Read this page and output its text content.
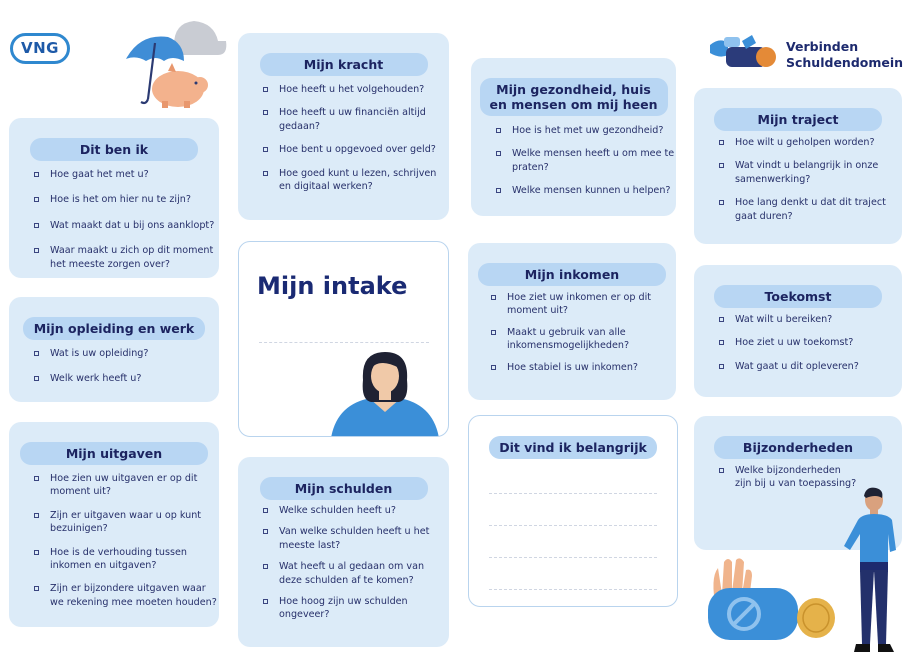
VNG	Verbinden
Schuldendomein
Dit ben ik
Hoe gaat het met u?
Hoe is het om hier nu te zijn?
Wat maakt dat u bij ons aanklopt?
Waar maakt u zich op dit moment het meeste zorgen over?
Mijn opleiding en werk
Wat is uw opleiding?
Welk werk heeft u?
Mijn uitgaven
Hoe zien uw uitgaven er op dit moment uit?
Zijn er uitgaven waar u op kunt bezuinigen?
Hoe is de verhouding tussen inkomen en uitgaven?
Zijn er bijzondere uitgaven waar we rekening mee moeten houden?
Mijn kracht
Hoe heeft u het volgehouden?
Hoe heeft u uw financiën altijd gedaan?
Hoe bent u opgevoed over geld?
Hoe goed kunt u lezen, schrijven en digitaal werken?
Mijn intake
Mijn schulden
Welke schulden heeft u?
Van welke schulden heeft u het meeste last?
Wat heeft u al gedaan om van deze schulden af te komen?
Hoe hoog zijn uw schulden ongeveer?
Mijn gezondheid, huis
en mensen om mij heen
Hoe is het met uw gezondheid?
Welke mensen heeft u om mee te praten?
Welke mensen kunnen u helpen?
Mijn inkomen
Hoe ziet uw inkomen er op dit moment uit?
Maakt u gebruik van alle inkomensmogelijkheden?
Hoe stabiel is uw inkomen?
Dit vind ik belangrijk
Mijn traject
Hoe wilt u geholpen worden?
Wat vindt u belangrijk in onze samenwerking?
Hoe lang denkt u dat dit traject gaat duren?
Toekomst
Wat wilt u bereiken?
Hoe ziet u uw toekomst?
Wat gaat u dit opleveren?
Bijzonderheden
Welke bijzonderheden zijn bij u van toepassing?
